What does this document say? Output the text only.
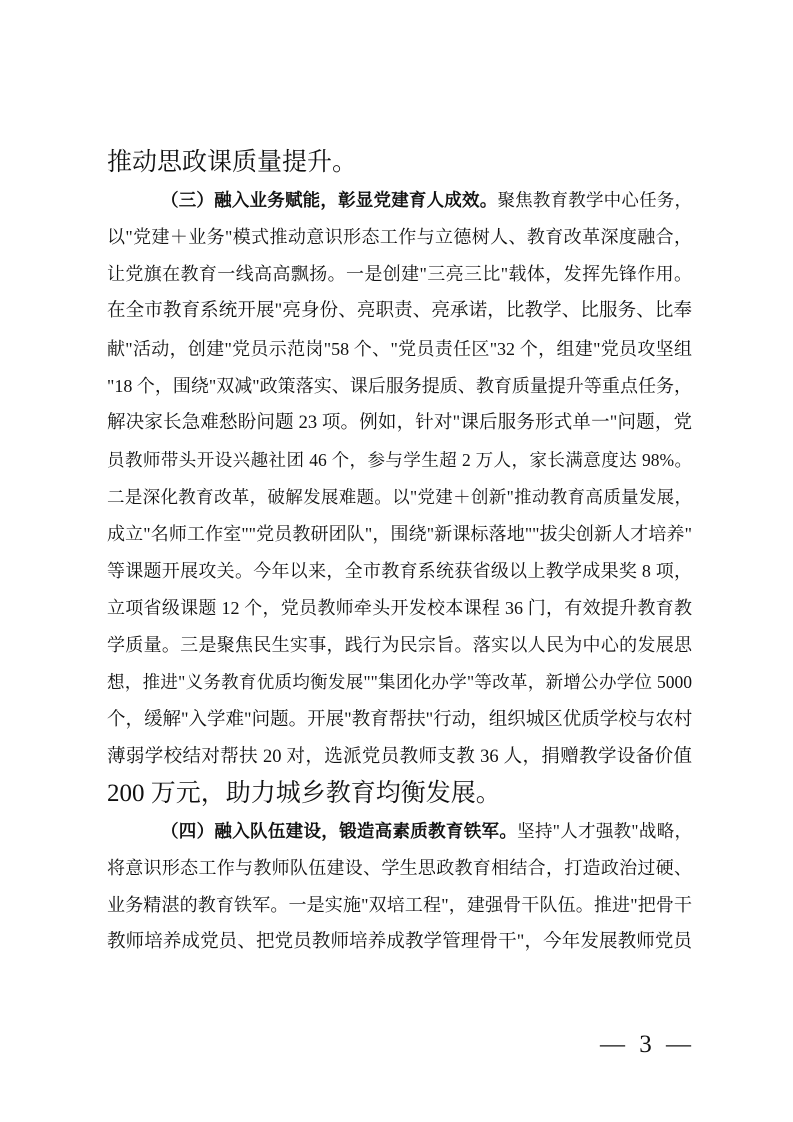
推动思政课质量提升。
（三）融入业务赋能，彰显党建育人成效。聚焦教育教学中心任务，
以"党建＋业务"模式推动意识形态工作与立德树人、教育改革深度融合，
让党旗在教育一线高高飘扬。一是创建"三亮三比"载体，发挥先锋作用。
在全市教育系统开展"亮身份、亮职责、亮承诺，比教学、比服务、比奉
献"活动，创建"党员示范岗"58 个、"党员责任区"32 个，组建"党员攻坚组
"18 个，围绕"双减"政策落实、课后服务提质、教育质量提升等重点任务，
解决家长急难愁盼问题 23 项。例如，针对"课后服务形式单一"问题，党
员教师带头开设兴趣社团 46 个，参与学生超 2 万人，家长满意度达 98%。
二是深化教育改革，破解发展难题。以"党建＋创新"推动教育高质量发展，
成立"名师工作室""党员教研团队"，围绕"新课标落地""拔尖创新人才培养"
等课题开展攻关。今年以来，全市教育系统获省级以上教学成果奖 8 项，
立项省级课题 12 个，党员教师牵头开发校本课程 36 门，有效提升教育教
学质量。三是聚焦民生实事，践行为民宗旨。落实以人民为中心的发展思
想，推进"义务教育优质均衡发展""集团化办学"等改革，新增公办学位 5000
个，缓解"入学难"问题。开展"教育帮扶"行动，组织城区优质学校与农村
薄弱学校结对帮扶 20 对，选派党员教师支教 36 人，捐赠教学设备价值
200 万元，助力城乡教育均衡发展。
（四）融入队伍建设，锻造高素质教育铁军。坚持"人才强教"战略，
将意识形态工作与教师队伍建设、学生思政教育相结合，打造政治过硬、
业务精湛的教育铁军。一是实施"双培工程"，建强骨干队伍。推进"把骨干
教师培养成党员、把党员教师培养成教学管理骨干"，今年发展教师党员
— 3 —
